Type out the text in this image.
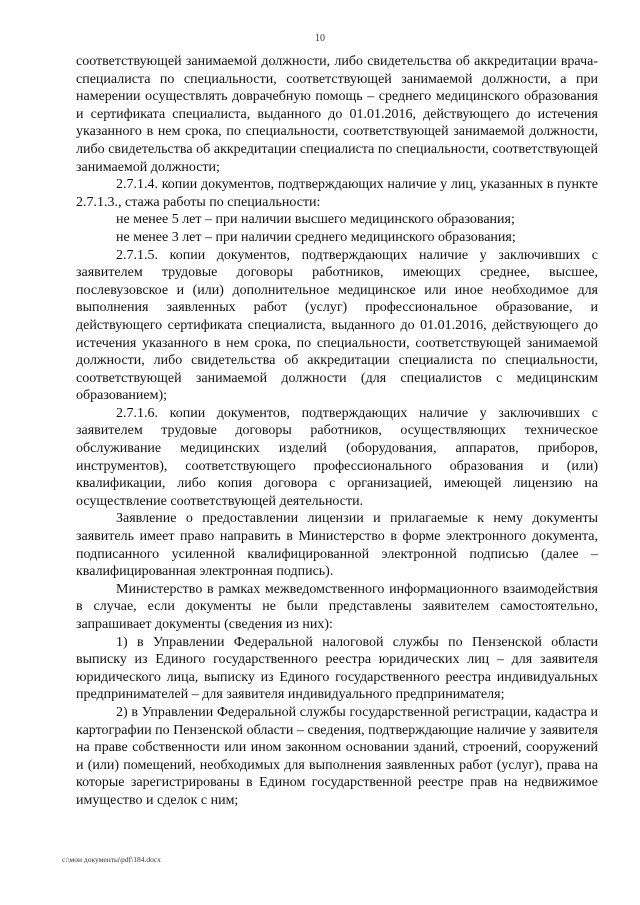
10

соответствующей занимаемой должности, либо свидетельства об аккредитации врача-специалиста по специальности, соответствующей занимаемой должности, а при намерении осуществлять доврачебную помощь – среднего медицинского образования и сертификата специалиста, выданного до 01.01.2016, действующего до истечения указанного в нем срока, по специальности, соответствующей занимаемой должности, либо свидетельства об аккредитации специалиста по специальности, соответствующей занимаемой должности;

2.7.1.4. копии документов, подтверждающих наличие у лиц, указанных в пункте 2.7.1.3., стажа работы по специальности:

не менее 5 лет – при наличии высшего медицинского образования;

не менее 3 лет – при наличии среднего медицинского образования;

2.7.1.5. копии документов, подтверждающих наличие у заключивших с заявителем трудовые договоры работников, имеющих среднее, высшее, послевузовское и (или) дополнительное медицинское или иное необходимое для выполнения заявленных работ (услуг) профессиональное образование, и действующего сертификата специалиста, выданного до 01.01.2016, действующего до истечения указанного в нем срока, по специальности, соответствующей занимаемой должности, либо свидетельства об аккредитации специалиста по специальности, соответствующей занимаемой должности (для специалистов с медицинским образованием);

2.7.1.6. копии документов, подтверждающих наличие у заключивших с заявителем трудовые договоры работников, осуществляющих техническое обслуживание медицинских изделий (оборудования, аппаратов, приборов, инструментов), соответствующего профессионального образования и (или) квалификации, либо копия договора с организацией, имеющей лицензию на осуществление соответствующей деятельности.

Заявление о предоставлении лицензии и прилагаемые к нему документы заявитель имеет право направить в Министерство в форме электронного документа, подписанного усиленной квалифицированной электронной подписью (далее – квалифицированная электронная подпись).

Министерство в рамках межведомственного информационного взаимодействия в случае, если документы не были представлены заявителем самостоятельно, запрашивает документы (сведения из них):

1) в Управлении Федеральной налоговой службы по Пензенской области выписку из Единого государственного реестра юридических лиц – для заявителя юридического лица, выписку из Единого государственного реестра индивидуальных предпринимателей – для заявителя индивидуального предпринимателя;

2) в Управлении Федеральной службы государственной регистрации, кадастра и картографии по Пензенской области – сведения, подтверждающие наличие у заявителя на праве собственности или ином законном основании зданий, строений, сооружений и (или) помещений, необходимых для выполнения заявленных работ (услуг), права на которые зарегистрированы в Едином государственной реестре прав на недвижимое имущество и сделок с ним;

c:\мои документы\pdf\184.docx
